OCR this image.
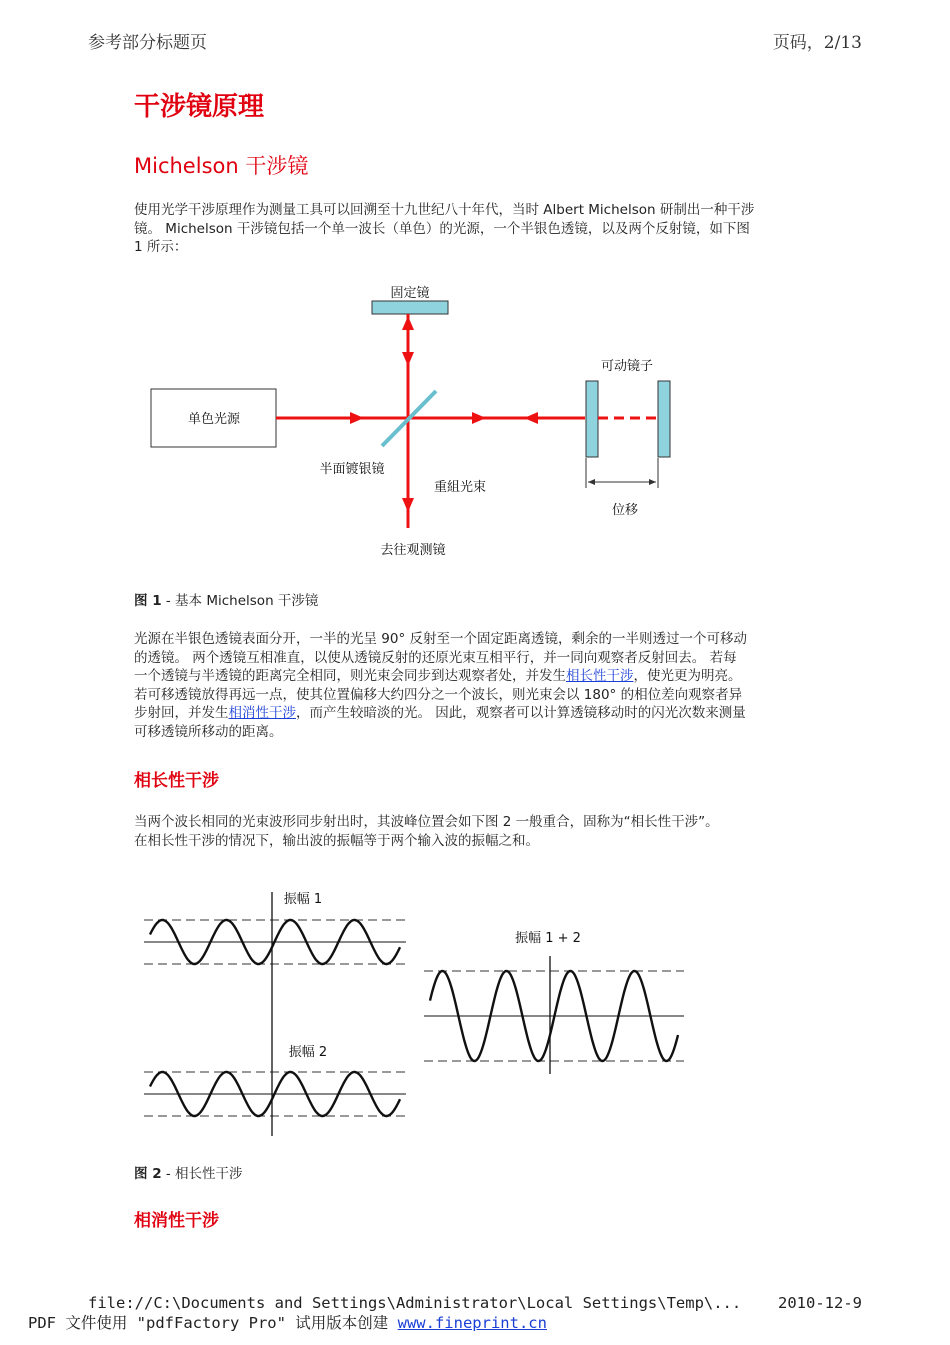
参考部分标题页	页码，2/13
干涉镜原理
Michelson 干涉镜
使用光学干涉原理作为测量工具可以回溯至十九世纪八十年代，当时 Albert Michelson 研制出一种干涉
镜。 Michelson 干涉镜包括一个单一波长（单色）的光源，一个半银色透镜，以及两个反射镜，如下图
1 所示：
固定镜
单色光源
可动镜子
位移
半面镀银镜
重組光束
去往观测镜
图 1 - 基本 Michelson 干涉镜
光源在半银色透镜表面分开，一半的光呈 90° 反射至一个固定距离透镜，剩余的一半则透过一个可移动
的透镜。 两个透镜互相准直，以使从透镜反射的还原光束互相平行，并一同向观察者反射回去。 若每
一个透镜与半透镜的距离完全相同，则光束会同步到达观察者处，并发生相长性干涉，使光更为明亮。
若可移透镜放得再远一点，使其位置偏移大约四分之一个波长，则光束会以 180° 的相位差向观察者异
步射回，并发生相消性干涉，而产生较暗淡的光。 因此，观察者可以计算透镜移动时的闪光次数来测量
可移透镜所移动的距离。
相长性干涉
当两个波长相同的光束波形同步射出时，其波峰位置会如下图 2 一般重合，固称为“相长性干涉”。
在相长性干涉的情况下，输出波的振幅等于两个输入波的振幅之和。
振幅 1
振幅 2
振幅 1 + 2
图 2 - 相长性干涉
相消性干涉
file://C:\Documents and Settings\Administrator\Local Settings\Temp\... 2010-12-9
PDF 文件使用 "pdfFactory Pro" 试用版本创建 www.fineprint.cn
